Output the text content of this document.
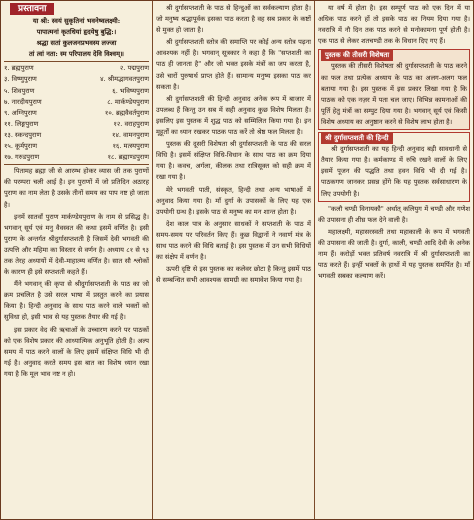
प्रस्तावना
या श्री: स्वयं सुकृतिनां भवनेष्वलक्ष्मी:
पापात्मनां कृतधियां हृदयेषु बुद्धि:।
श्रद्धा सतां कुलजनप्रभवस्य लज्जा
तां त्वां नता: स्म परिपालय देवि विश्वम्॥
१. ब्रह्मपुराण	२. पद्मपुराण
३. विष्णुपुराण	४. श्रीमद्भागवतपुराण
५. शिवपुराण	६. भविष्यपुराण
७. नारदीयपुराण	८. मार्कण्डेयपुराण
९. अग्निपुराण	१०. ब्रह्मवैवर्तपुराण
११. लिङ्गपुराण	१२. वराहपुराण
१३. स्कन्दपुराण	१४. वामनपुराण
१५. कूर्मपुराण	१६. मत्स्यपुराण
१७. गरुडपुराण	१८. ब्रह्माण्डपुराण

पितामह ब्रह्मा जी से आरम्भ होकर व्यास जी तक पुराणों की परम्परा चली आई है। इन पुराणों में जो प्रतिदिन अठारह पुराण का नाम लेता है उसके तीनों समय का पाप नष्ट हो जाता है।

इनमें सातवाँ पुराण मार्कण्डेयपुराण के नाम से प्रसिद्ध है। भगवान् सूर्य एवं मनु वैवस्वत की कथा इसमें वर्णित है। इसी पुराण के अन्तर्गत श्रीदुर्गासप्तशती है जिसमें देवी भगवती की उत्पत्ति और महिमा का विस्तार से वर्णन है। अध्याय ८१ से ९३ तक तेरह अध्यायों में देवी-माहात्म्य वर्णित है। सात सौ श्लोकों के कारण ही इसे सप्तशती कहते हैं।

मैंने भगवान् की कृपा से श्रीदुर्गासप्तशती के पाठ का जो क्रम प्रचलित है उसे सरल भाषा में प्रस्तुत करने का प्रयास किया है। हिन्दी अनुवाद के साथ पाठ करने वाले भक्तों को सुविधा हो, इसी भाव से यह पुस्तक तैयार की गई है।

इस प्रकार वेद की ऋचाओं के उच्चारण करने पर पाठकों को एक विशेष प्रकार की आध्यात्मिक अनुभूति होती है। अल्प समय में पाठ करने वालों के लिए इसमें संक्षिप्त विधि भी दी गई है। अनुवाद करते समय इस बात का विशेष ध्यान रखा गया है कि मूल भाव नष्ट न हो।

श्री दुर्गासप्तशती के पाठ से हिन्दुओं का सर्वकल्याण होता है। जो मनुष्य श्रद्धापूर्वक इसका पाठ करता है वह सब प्रकार के कष्टों से मुक्त हो जाता है।

श्री दुर्गासप्तशती स्तोत्र की समाप्ति पर कोई अन्य स्तोत्र पढ़ना आवश्यक नहीं है। भगवान् सूत्रकार ने कहा है कि "सप्तशती का पाठ ही जानता है" और जो भक्त इसके मंत्रों का जप करता है, उसे चारों पुरुषार्थ प्राप्त होते हैं। सामान्य मनुष्य इसका पाठ कर सकता है।

श्री दुर्गासप्तशती की हिन्दी अनुवाद अनेक रूप में बाजार में उपलब्ध हैं किन्तु उन सब में सही अनुवाद कुछ विशेष मिलता है। इसलिए इस पुस्तक में शुद्ध पाठ को सम्मिलित किया गया है। इन मूहूर्तों का ध्यान रखकर पाठक पाठ करें तो श्रेष्ठ फल मिलता है।

पुस्तक की दूसरी विशेषता श्री दुर्गासप्तशती के पाठ की सरल विधि है। इसमें संक्षिप्त विधि-विधान के साथ पाठ का क्रम दिया गया है। कवच, अर्गला, कीलक तथा रात्रिसूक्त को सही क्रम में रखा गया है।

मेरे भगवती पाती, संस्कृत, हिन्दी तथा अन्य भाषाओं में अनुवाद किया गया है। माँ दुर्गा के उपासकों के लिए यह एक उपयोगी ग्रन्थ है। इसके पाठ से मनुष्य का मन शान्त होता है।

देश काल पात्र के अनुसार साधकों ने सप्तशती के पाठ में समय-समय पर परिवर्तन किए हैं। कुछ विद्वानों ने नवार्ण मंत्र के साथ पाठ करने की विधि बताई है। इस पुस्तक में उन सभी विधियों का संक्षेप में वर्णन है।

ऊपरी दृष्टि से इस पुस्तक का कलेवर छोटा है किन्तु इसमें पाठ से सम्बन्धित सभी आवश्यक सामग्री का समावेश किया गया है।

या वर्ष में होता है। इस सम्पूर्ण पाठ को एक दिन में या अधिक पाठ करने हों तो इसके पाठ का नियम दिया गया है। नवरात्रि में नौ दिन तक पाठ करने से मनोकामना पूर्ण होती है। एक पाठ से लेकर शतचण्डी तक के विधान दिए गए हैं।

पुस्तक की तीसरी विशेषता

पुस्तक की तीसरी विशेषता श्री दुर्गासप्तशती के पाठ करने का फल तथा प्रत्येक अध्याय के पाठ का अलग-अलग फल बताया गया है। इस पुस्तक में इस प्रकार लिखा गया है कि पाठक को एक नज़र में पता चल जाए। विभिन्न कामनाओं की पूर्ति हेतु मंत्रों का सम्पुट दिया गया है। भगवान् सूर्य एवं किसी विशेष अध्याय का अनुष्ठान करने से विशेष लाभ होता है।

श्री दुर्गासप्तशती की हिन्दी

श्री दुर्गासप्तशती का यह हिन्दी अनुवाद बड़ी सावधानी से तैयार किया गया है। कर्मकाण्ड में रुचि रखने वालों के लिए इसमें पूजन की पद्धति तथा हवन विधि भी दी गई है। पाठकगण जानकर प्रसन्न होंगे कि यह पुस्तक सर्वसाधारण के लिए उपयोगी है।

"कलौ चण्डी विनायकौ" अर्थात् कलियुग में चण्डी और गणेश की उपासना ही शीघ्र फल देने वाली है।

महालक्ष्मी, महासरस्वती तथा महाकाली के रूप में भगवती की उपासना की जाती है। दुर्गा, काली, चण्डी आदि देवी के अनेक नाम हैं। करोड़ों भक्त प्रतिवर्ष नवरात्रि में श्री दुर्गासप्तशती का पाठ करते हैं। इन्हीं भक्तों के हाथों में यह पुस्तक समर्पित है। माँ भगवती सबका कल्याण करें।
